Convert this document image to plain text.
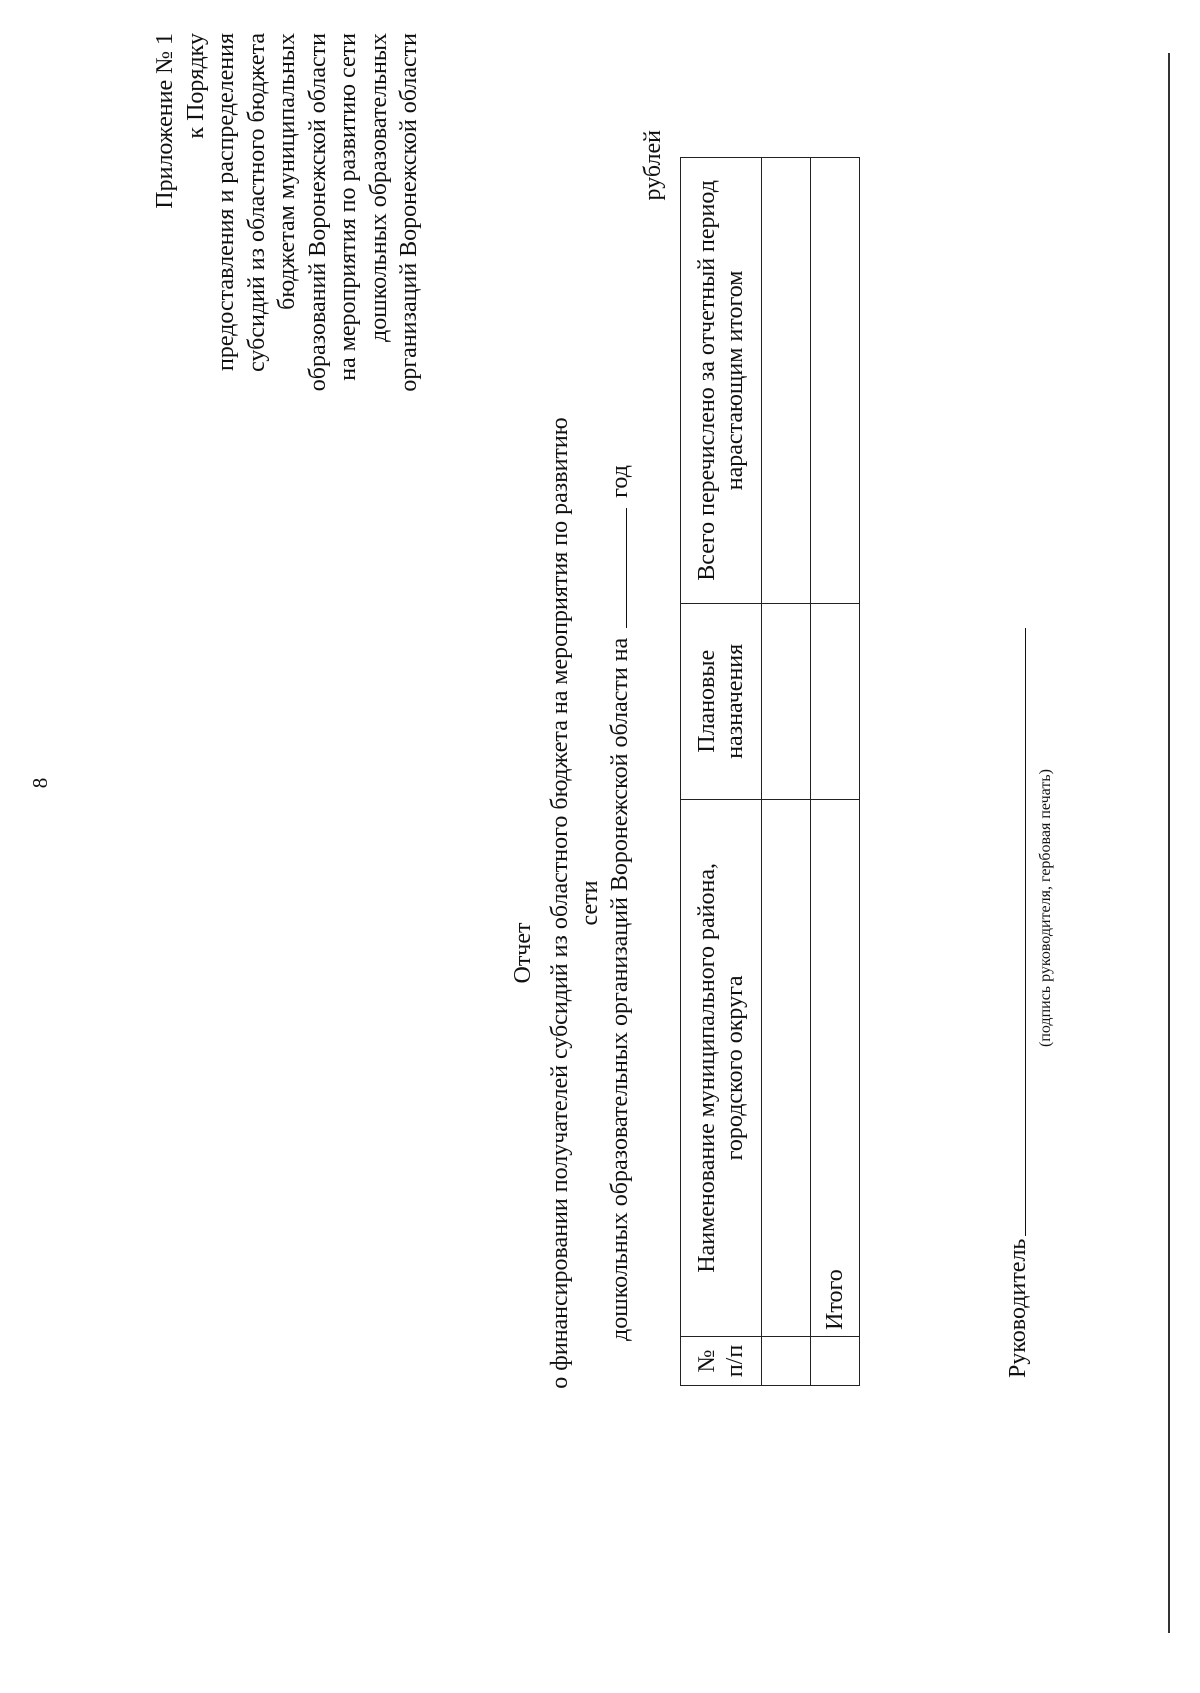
8
Приложение № 1 к Порядку предоставления и распределения субсидий из областного бюджета бюджетам муниципальных образований Воронежской области на мероприятия по развитию сети дошкольных образовательных организаций Воронежской области
Отчет о финансировании получателей субсидий из областного бюджета на мероприятия по развитию сети дошкольных образовательных организаций Воронежской области на  год
рублей
№ п/п	Наименование муниципального района, городского округа	Плановые назначения	Всего перечислено за отчетный период нарастающим итогом

	Итого			Руководитель
(подпись руководителя, гербовая печать)
